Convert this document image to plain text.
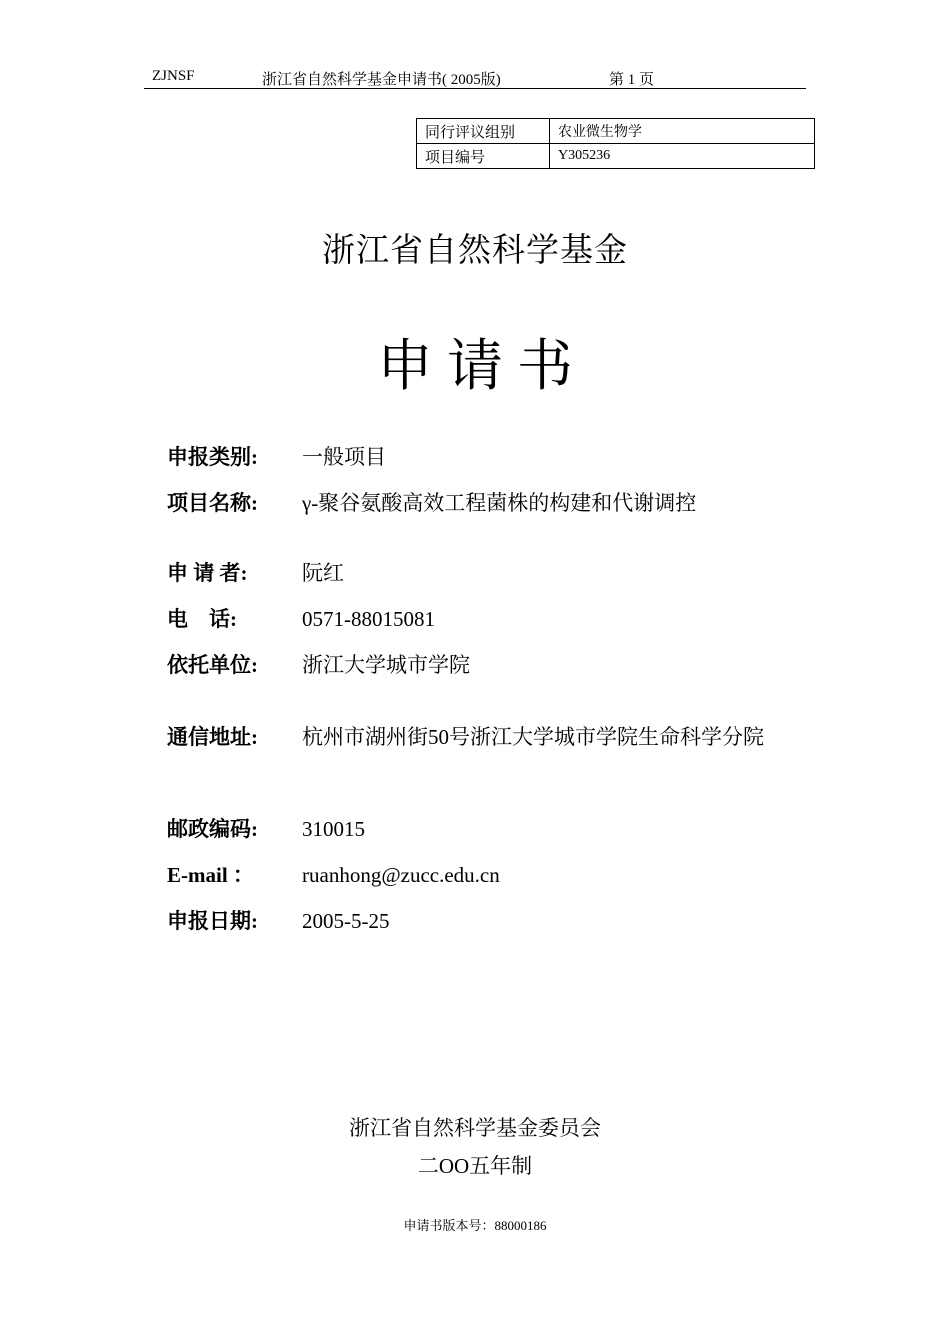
ZJNSF	浙江省自然科学基金申请书( 2005版)	第 1 页
同行评议组别	农业微生物学
项目编号	Y305236
浙江省自然科学基金
申请书
申报类别: 一般项目
项目名称: γ-聚谷氨酸高效工程菌株的构建和代谢调控
申 请 者:	阮红
电　话:	0571-88015081
依托单位: 浙江大学城市学院
通信地址: 杭州市湖州街50号浙江大学城市学院生命科学分院
邮政编码: 310015
E-mail ： ruanhong@zucc.edu.cn
申报日期: 2005-5-25
浙江省自然科学基金委员会
二OO五年制
申请书版本号：88000186
